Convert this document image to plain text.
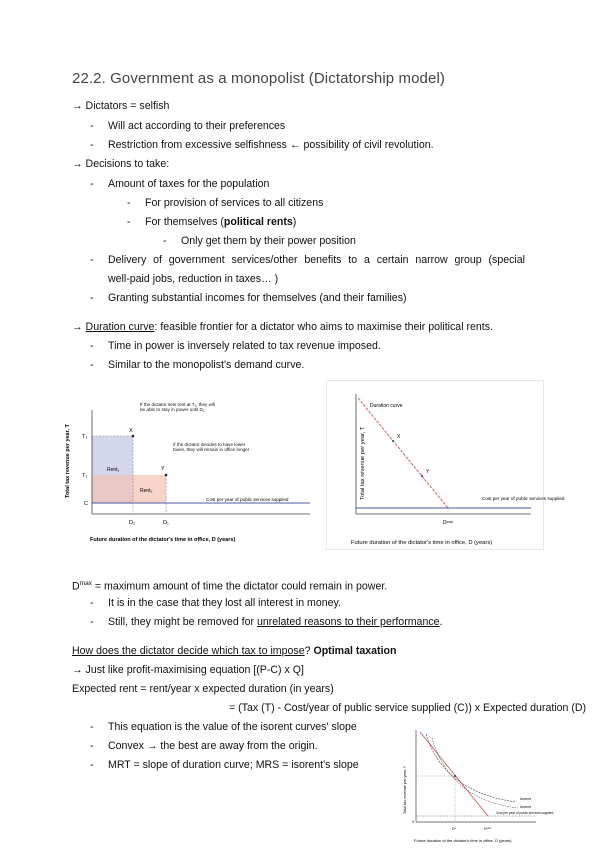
22.2. Government as a monopolist (Dictatorship model)
→ Dictators = selfish
- Will act according to their preferences
- Restriction from excessive selfishness ← possibility of civil revolution.
→ Decisions to take:
- Amount of taxes for the population
- For provision of services to all citizens
- For themselves (political rents)
- Only get them by their power position
- Delivery of government services/other benefits to a certain narrow group (special
well-paid jobs, reduction in taxes… )
- Granting substantial incomes for themselves (and their families)
→ Duration curve: feasible frontier for a dictator who aims to maximise their political rents.
- Time in power is inversely related to tax revenue imposed.
- Similar to the monopolist's demand curve.
Total tax revenue per year, T T₁
T₂
C
D₂	D₁
X
Y
Rent₁
Rent₂
If the dictator sets rent at T₁, they will be able to stay in power until D₁
If the dictator decides to have lower taxes, they will remain in office longer
Cost per year of public services supplied
Future duration of the dictator's time in office, D (years)
Total tax revenue per year, T
Duration curve
X
Y
Dᵐᵃˣ
Cost per year of public services supplied
Future duration of the dictator's time in office, D (years)
$D^{max}$ = maximum amount of time the dictator could remain in power.
- It is in the case that they lost all interest in money.
- Still, they might be removed for unrelated reasons to their performance.
How does the dictator decide which tax to impose? Optimal taxation
→ Just like profit-maximising equation [(P-C) x Q]
Expected rent = rent/year x expected duration (in years)
= (Tax (T) - Cost/year of public service supplied (C)) x Expected duration (D)
- This equation is the value of the isorent curves' slope
- Convex → the best are away from the origin.
- MRT = slope of duration curve; MRS = isorent's slope
Total tax revenue per year, T	Isorent
Isorent
Cost per year of public services supplied
0
D*	Dᵐᵃˣ
Future duration of the dictator's time in office, D (years)
